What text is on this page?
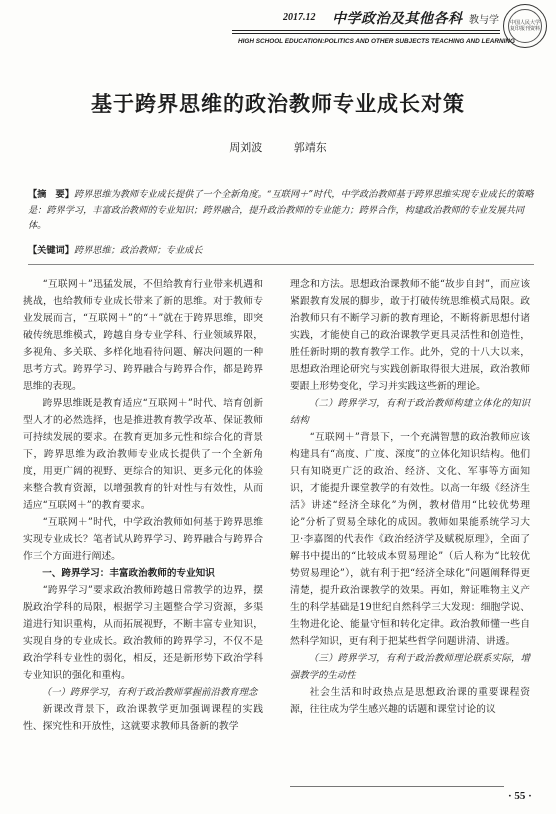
2017.12 中学政治及其他各科 教与学
HIGH SCHOOL EDUCATION:POLITICS AND OTHER SUBJECTS TEACHING AND LEARNING
中国人民大学复印报刊资料
基于跨界思维的政治教师专业成长对策
周刘波	郭靖东
【摘　要】跨界思维为教师专业成长提供了一个全新角度。“互联网＋”时代，中学政治教师基于跨界思维实现专业成长的策略是：跨界学习，丰富政治教师的专业知识；跨界融合，提升政治教师的专业能力；跨界合作，构建政治教师的专业发展共同体。
【关键词】跨界思维；政治教师；专业成长

“互联网＋”迅猛发展，不但给教育行业带来机遇和挑战，也给教师专业成长带来了新的思维。对于教师专业发展而言，“互联网＋”的“＋”就在于跨界思维，即突破传统思维模式，跨越自身专业学科、行业领域界限，多视角、多关联、多样化地看待问题、解决问题的一种思考方式。跨界学习、跨界融合与跨界合作，都是跨界思维的表现。

跨界思维既是教育适应“互联网＋”时代、培育创新型人才的必然选择，也是推进教育教学改革、保证教师可持续发展的要求。在教育更加多元性和综合化的背景下，跨界思维为政治教师专业成长提供了一个全新角度，用更广阔的视野、更综合的知识、更多元化的体验来整合教育资源，以增强教育的针对性与有效性，从而适应“互联网＋”的教育要求。

“互联网＋”时代，中学政治教师如何基于跨界思维实现专业成长？笔者试从跨界学习、跨界融合与跨界合作三个方面进行阐述。

一、跨界学习：丰富政治教师的专业知识

“跨界学习”要求政治教师跨越日常教学的边界，摆脱政治学科的局限，根据学习主题整合学习资源，多渠道进行知识重构，从而拓展视野，不断丰富专业知识，实现自身的专业成长。政治教师的跨界学习，不仅不是政治学科专业性的弱化，相反，还是新形势下政治学科专业知识的强化和重构。

（一）跨界学习，有利于政治教师掌握前沿教育理念

新课改背景下，政治课教学更加强调课程的实践性、探究性和开放性，这就要求教师具备新的教学

理念和方法。思想政治课教师不能“故步自封”，而应该紧跟教育发展的脚步，敢于打破传统思维模式局限。政治教师只有不断学习新的教育理论，不断将新思想付诸实践，才能使自己的政治课教学更具灵活性和创造性，胜任新时期的教育教学工作。此外，党的十八大以来，思想政治理论研究与实践创新取得很大进展，政治教师要跟上形势变化，学习并实践这些新的理论。

（二）跨界学习，有利于政治教师构建立体化的知识结构

“互联网＋”背景下，一个充满智慧的政治教师应该构建具有“高度、广度、深度”的立体化知识结构。他们只有知晓更广泛的政治、经济、文化、军事等方面知识，才能提升课堂教学的有效性。以高一年级《经济生活》讲述“经济全球化”为例，教材借用“比较优势理论”分析了贸易全球化的成因。教师如果能系统学习大卫·李嘉图的代表作《政治经济学及赋税原理》，全面了解书中提出的“比较成本贸易理论”（后人称为“比较优势贸易理论”），就有利于把“经济全球化”问题阐释得更清楚，提升政治课教学的效果。再如，辩证唯物主义产生的科学基础是19世纪自然科学三大发现：细胞学说、生物进化论、能量守恒和转化定律。政治教师懂一些自然科学知识，更有利于把某些哲学问题讲清、讲透。

（三）跨界学习，有利于政治教师理论联系实际，增强教学的生动性

社会生活和时政热点是思想政治课的重要课程资源，往往成为学生感兴趣的话题和课堂讨论的议

· 55 ·
